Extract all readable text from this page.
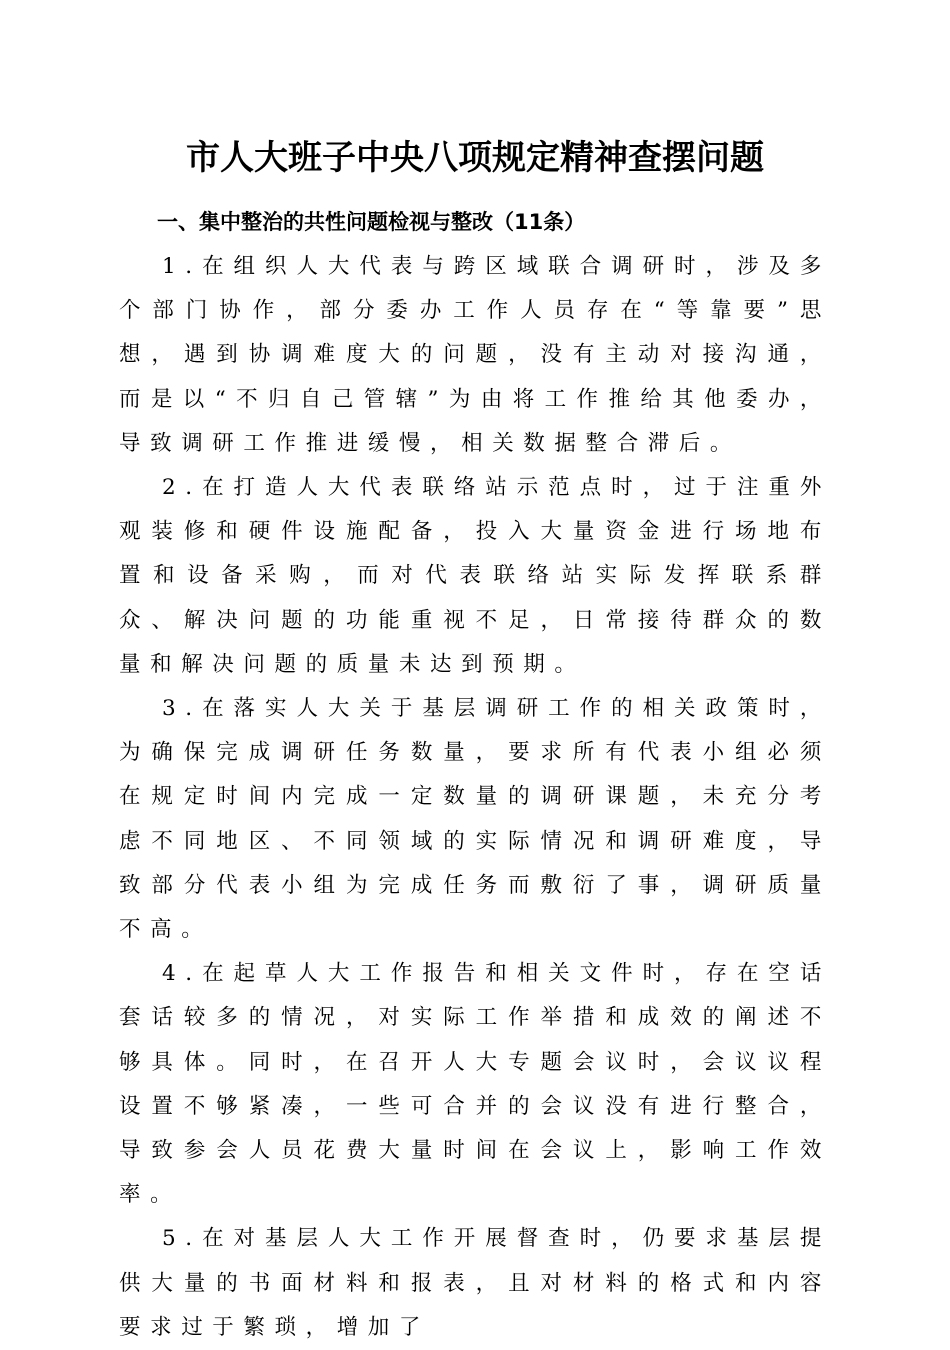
市人大班子中央八项规定精神查摆问题
一、集中整治的共性问题检视与整改（11条）

1.在组织人大代表与跨区域联合调研时，涉及多个部门协作，部分委办工作人员存在“等靠要”思想，遇到协调难度大的问题，没有主动对接沟通，而是以“不归自己管辖”为由将工作推给其他委办，导致调研工作推进缓慢，相关数据整合滞后。

2.在打造人大代表联络站示范点时，过于注重外观装修和硬件设施配备，投入大量资金进行场地布置和设备采购，而对代表联络站实际发挥联系群众、解决问题的功能重视不足，日常接待群众的数量和解决问题的质量未达到预期。

3.在落实人大关于基层调研工作的相关政策时，为确保完成调研任务数量，要求所有代表小组必须在规定时间内完成一定数量的调研课题，未充分考虑不同地区、不同领域的实际情况和调研难度，导致部分代表小组为完成任务而敷衍了事，调研质量不高。

4.在起草人大工作报告和相关文件时，存在空话套话较多的情况，对实际工作举措和成效的阐述不够具体。同时，在召开人大专题会议时，会议议程设置不够紧凑，一些可合并的会议没有进行整合，导致参会人员花费大量时间在会议上，影响工作效率。

5.在对基层人大工作开展督查时，仍要求基层提供大量的书面材料和报表，且对材料的格式和内容要求过于繁琐，增加了
